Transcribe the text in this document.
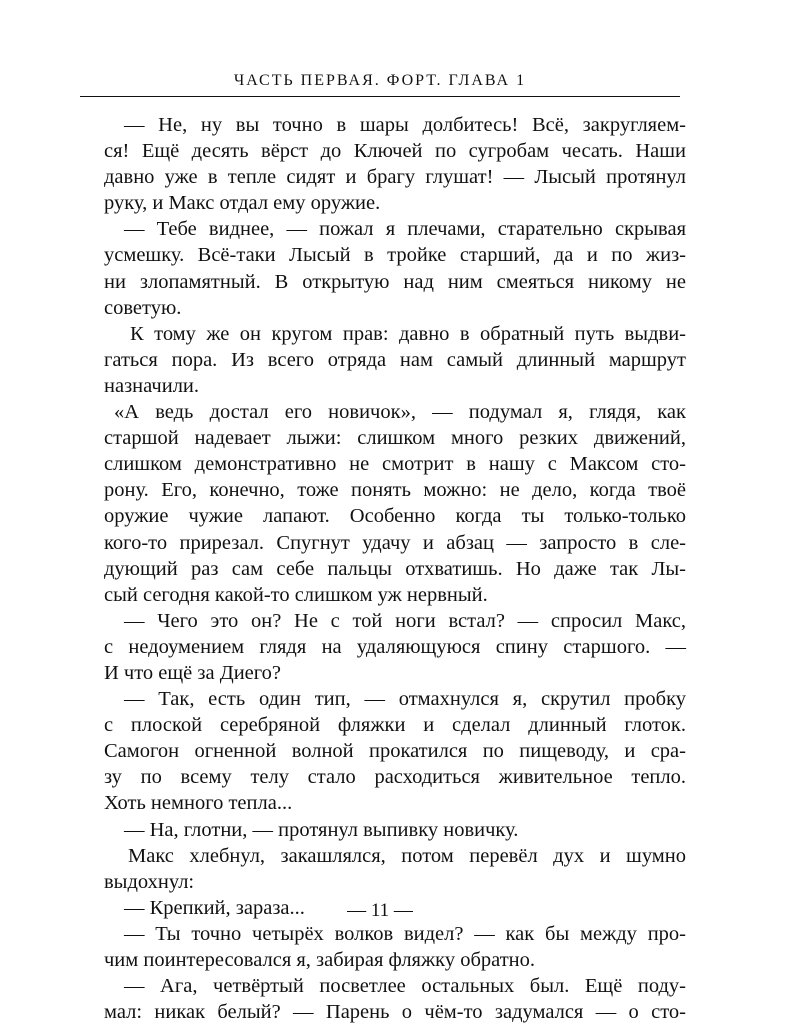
ЧАСТЬ ПЕРВАЯ. ФОРТ. ГЛАВА 1
— Не, ну вы точно в шары долбитесь! Всё, закругляем-
ся! Ещё десять вёрст до Ключей по сугробам чесать. Наши
давно уже в тепле сидят и брагу глушат! — Лысый протянул
руку, и Макс отдал ему оружие.
— Тебе виднее, — пожал я плечами, старательно скрывая
усмешку. Всё-таки Лысый в тройке старший, да и по жиз-
ни злопамятный. В открытую над ним смеяться никому не
советую.
К тому же он кругом прав: давно в обратный путь выдви-
гаться пора. Из всего отряда нам самый длинный маршрут
назначили.
«А ведь достал его новичок», — подумал я, глядя, как
старшой надевает лыжи: слишком много резких движений,
слишком демонстративно не смотрит в нашу с Максом сто-
рону. Его, конечно, тоже понять можно: не дело, когда твоё
оружие чужие лапают. Особенно когда ты только-только
кого-то прирезал. Спугнут удачу и абзац — запросто в сле-
дующий раз сам себе пальцы отхватишь. Но даже так Лы-
сый сегодня какой-то слишком уж нервный.
— Чего это он? Не с той ноги встал? — спросил Макс,
с недоумением глядя на удаляющуюся спину старшого. —
И что ещё за Диего?
— Так, есть один тип, — отмахнулся я, скрутил пробку
с плоской серебряной фляжки и сделал длинный глоток.
Самогон огненной волной прокатился по пищеводу, и сра-
зу по всему телу стало расходиться живительное тепло.
Хоть немного тепла...
— На, глотни, — протянул выпивку новичку.
Макс хлебнул, закашлялся, потом перевёл дух и шумно
выдохнул:
— Крепкий, зараза...
— Ты точно четырёх волков видел? — как бы между про-
чим поинтересовался я, забирая фляжку обратно.
— Ага, четвёртый посветлее остальных был. Ещё поду-
мал: никак белый? — Парень о чём-то задумался — о сто-
— 11 —
